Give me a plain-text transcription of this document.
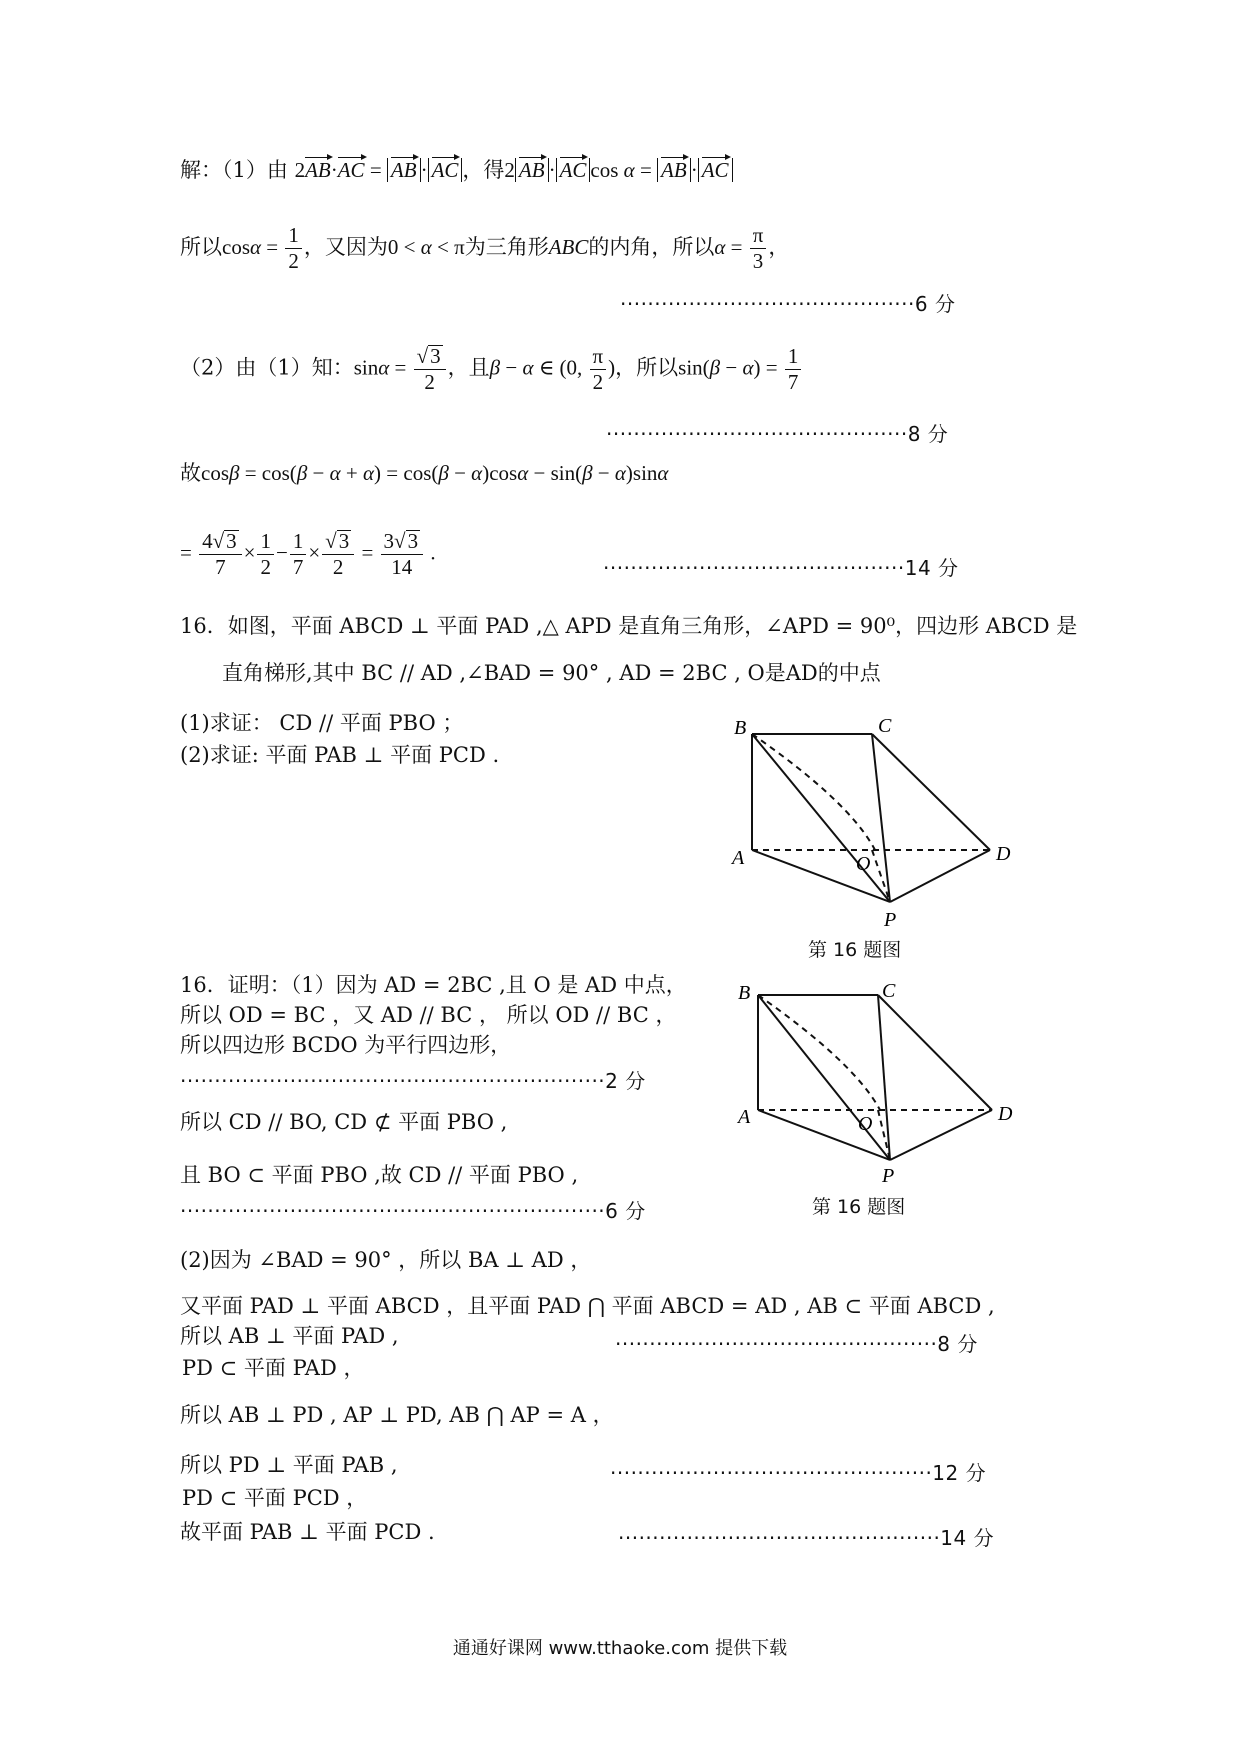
解：（1）由 2AB·AC = AB · AC ，得2 AB · AC cos α = AB · AC
所以$\cos\alpha = \frac{1}{2}$ ，又因为0 < α < π为三角形ABC的内角，所以$\alpha = \frac{\pi}{3}$ ，
···········································6 分
（2）由（1）知：$\sin\alpha = \frac{√3}{2}$ ，且β − α ∈ (0, $\frac{\pi}{2}$ )，所以$\sin(\beta - \alpha) = \frac{1}{7}$
············································8 分
故cosβ = cos(β − α + α) = cos(β − α)cosα − sin(β − α)sinα
= $\frac{4√3}{7} \times \frac{1}{2} - \frac{1}{7} \times \frac{√3}{2} = \frac{3√3}{14}$ .
············································14 分
16．如图，平面 ABCD ⊥ 平面 PAD ,△ APD 是直角三角形，∠APD = 90⁰，四边形 ABCD 是
直角梯形,其中 BC // AD ,∠BAD = 90° , AD = 2BC , O是AD的中点
(1)求证： CD // 平面 PBO ；
(2)求证: 平面 PAB ⊥ 平面 PCD .
B	C
A	O	D
P
第 16 题图
16．证明：（1）因为 AD = 2BC ,且 O 是 AD 中点，
所以 OD = BC ，又 AD // BC ， 所以 OD // BC ，
所以四边形 BCDO 为平行四边形，
······························································2 分
所以 CD // BO, CD ⊄ 平面 PBO ,
且 BO ⊂ 平面 PBO ,故 CD // 平面 PBO ,
······························································6 分
B	C
A	O	D
P
第 16 题图
(2)因为 ∠BAD = 90° ，所以 BA ⊥ AD ，
又平面 PAD ⊥ 平面 ABCD ，且平面 PAD ⋂ 平面 ABCD = AD , AB ⊂ 平面 ABCD ,
所以 AB ⊥ 平面 PAD ,	···············································8 分
PD ⊂ 平面 PAD ，
所以 AB ⊥ PD , AP ⊥ PD, AB ⋂ AP = A ，
所以 PD ⊥ 平面 PAB ,	···············································12 分
PD ⊂ 平面 PCD ，
故平面 PAB ⊥ 平面 PCD .	···············································14 分
通通好课网 www.tthaoke.com 提供下载
